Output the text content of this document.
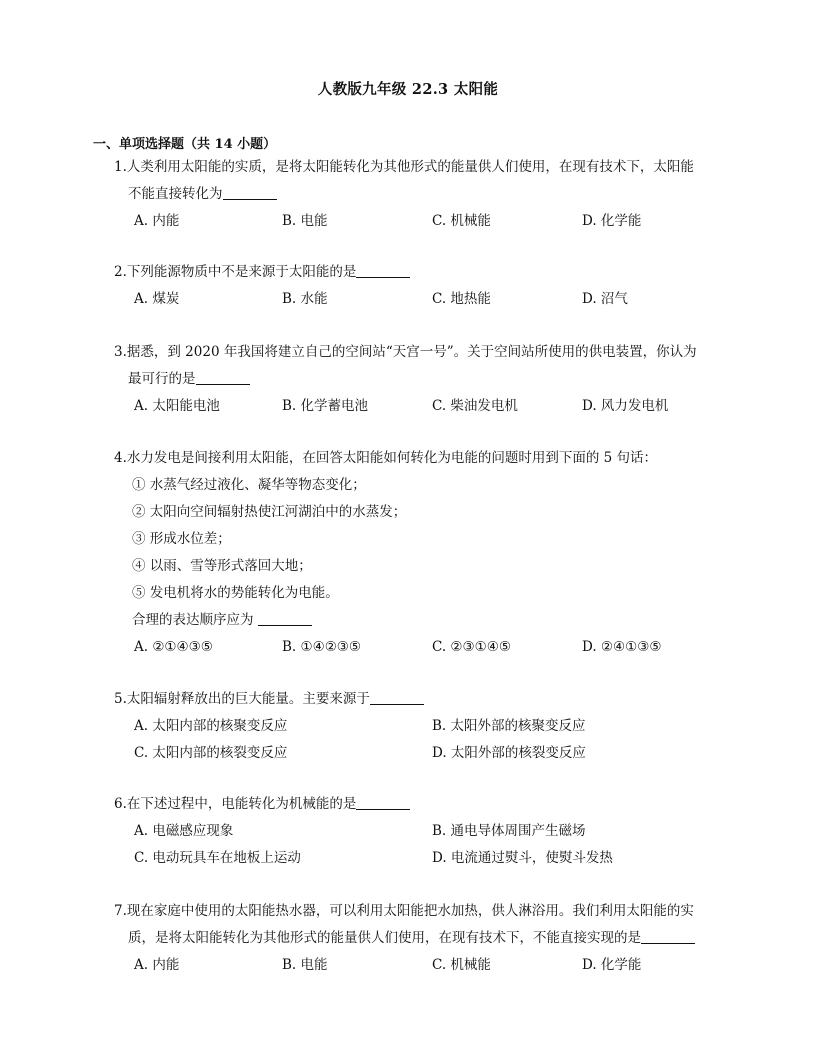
人教版九年级 22.3 太阳能
一、单项选择题（共 14 小题）
1.人类利用太阳能的实质，是将太阳能转化为其他形式的能量供人们使用，在现有技术下，太阳能
不能直接转化为
A. 内能	B. 电能	C. 机械能	D. 化学能
2.下列能源物质中不是来源于太阳能的是
A. 煤炭	B. 水能	C. 地热能	D. 沼气
3.据悉，到 2020 年我国将建立自己的空间站“天宫一号”。关于空间站所使用的供电装置，你认为
最可行的是
A. 太阳能电池	B. 化学蓄电池	C. 柴油发电机	D. 风力发电机
4.水力发电是间接利用太阳能，在回答太阳能如何转化为电能的问题时用到下面的 5 句话：
① 水蒸气经过液化、凝华等物态变化；
② 太阳向空间辐射热使江河湖泊中的水蒸发；
③ 形成水位差；
④ 以雨、雪等形式落回大地；
⑤ 发电机将水的势能转化为电能。
合理的表达顺序应为
A. ②①④③⑤	B. ①④②③⑤	C. ②③①④⑤	D. ②④①③⑤
5.太阳辐射释放出的巨大能量。主要来源于
A. 太阳内部的核聚变反应	B. 太阳外部的核聚变反应
C. 太阳内部的核裂变反应	D. 太阳外部的核裂变反应
6.在下述过程中，电能转化为机械能的是
A. 电磁感应现象	B. 通电导体周围产生磁场
C. 电动玩具车在地板上运动	D. 电流通过熨斗，使熨斗发热
7.现在家庭中使用的太阳能热水器，可以利用太阳能把水加热，供人淋浴用。我们利用太阳能的实
质，是将太阳能转化为其他形式的能量供人们使用，在现有技术下，不能直接实现的是
A. 内能	B. 电能	C. 机械能	D. 化学能
